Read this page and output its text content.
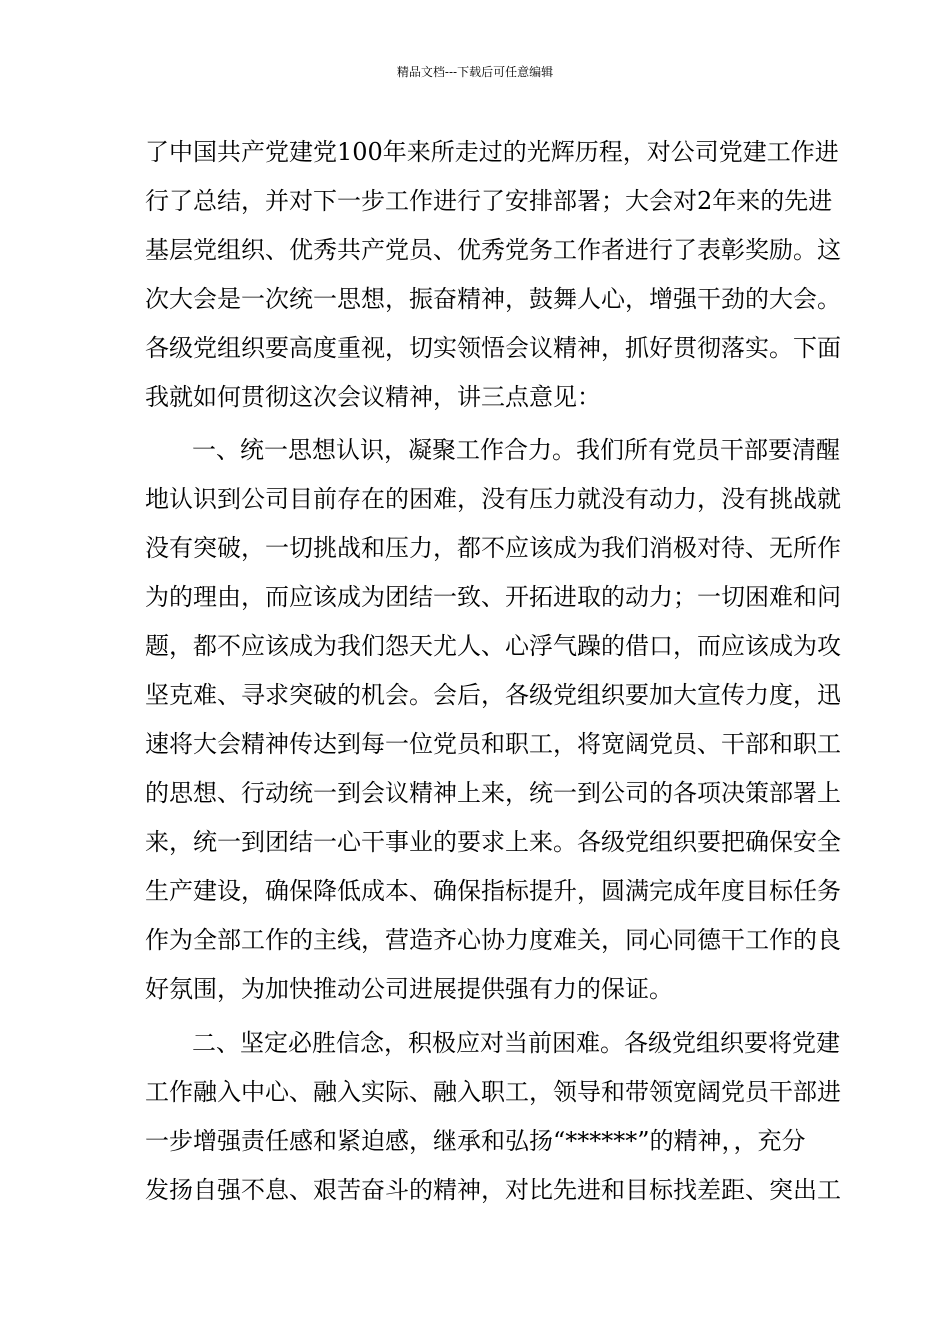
精品文档---下载后可任意编辑
了中国共产党建党100年来所走过的光辉历程，对公司党建工作进
行了总结，并对下一步工作进行了安排部署；大会对2年来的先进
基层党组织、优秀共产党员、优秀党务工作者进行了表彰奖励。这
次大会是一次统一思想，振奋精神，鼓舞人心，增强干劲的大会。
各级党组织要高度重视，切实领悟会议精神，抓好贯彻落实。下面
我就如何贯彻这次会议精神，讲三点意见：
一、统一思想认识，凝聚工作合力。我们所有党员干部要清醒
地认识到公司目前存在的困难，没有压力就没有动力，没有挑战就
没有突破，一切挑战和压力，都不应该成为我们消极对待、无所作
为的理由，而应该成为团结一致、开拓进取的动力；一切困难和问
题，都不应该成为我们怨天尤人、心浮气躁的借口，而应该成为攻
坚克难、寻求突破的机会。会后，各级党组织要加大宣传力度，迅
速将大会精神传达到每一位党员和职工，将宽阔党员、干部和职工
的思想、行动统一到会议精神上来，统一到公司的各项决策部署上
来，统一到团结一心干事业的要求上来。各级党组织要把确保安全
生产建设，确保降低成本、确保指标提升，圆满完成年度目标任务
作为全部工作的主线，营造齐心协力度难关，同心同德干工作的良
好氛围，为加快推动公司进展提供强有力的保证。
二、坚定必胜信念，积极应对当前困难。各级党组织要将党建
工作融入中心、融入实际、融入职工，领导和带领宽阔党员干部进
一步增强责任感和紧迫感，继承和弘扬“******”的精神，，充分
发扬自强不息、艰苦奋斗的精神，对比先进和目标找差距、突出工
